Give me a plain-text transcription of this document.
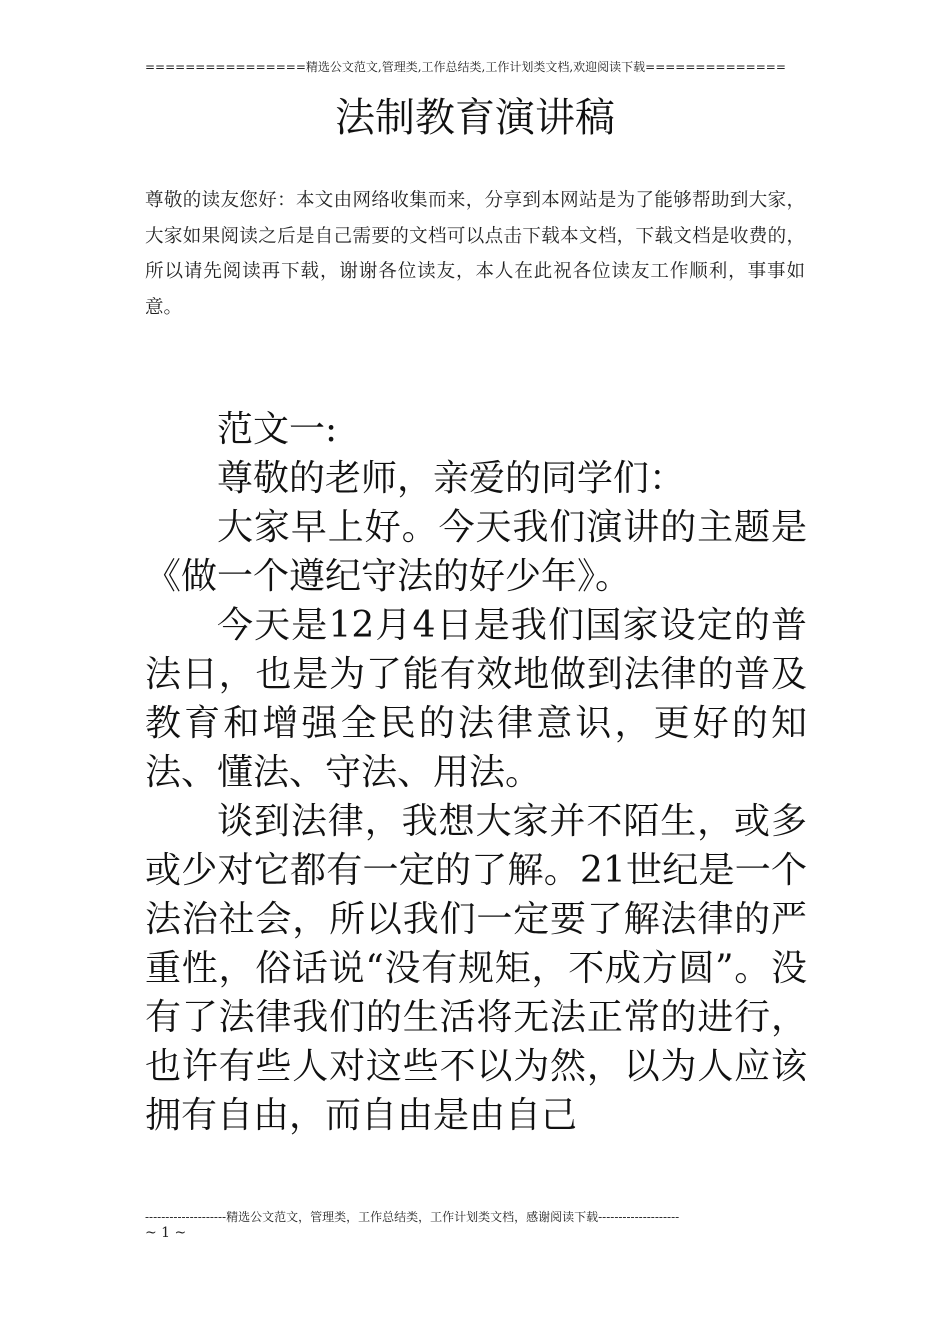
================精选公文范文,管理类,工作总结类,工作计划类文档,欢迎阅读下载==============
法制教育演讲稿
尊敬的读友您好：本文由网络收集而来，分享到本网站是为了能够帮助到大家，大家如果阅读之后是自己需要的文档可以点击下载本文档，下载文档是收费的，所以请先阅读再下载，谢谢各位读友，本人在此祝各位读友工作顺利，事事如意。

范文一:

尊敬的老师，亲爱的同学们：

大家早上好。今天我们演讲的主题是《做一个遵纪守法的好少年》。

今天是12月4日是我们国家设定的普法日，也是为了能有效地做到法律的普及教育和增强全民的法律意识，更好的知法、懂法、守法、用法。

谈到法律，我想大家并不陌生，或多或少对它都有一定的了解。21世纪是一个法治社会，所以我们一定要了解法律的严重性，俗话说“没有规矩，不成方圆”。没有了法律我们的生活将无法正常的进行，也许有些人对这些不以为然，以为人应该拥有自由，而自由是由自己

--------------------精选公文范文，管理类，工作总结类，工作计划类文档，感谢阅读下载--------------------
~ 1 ~
